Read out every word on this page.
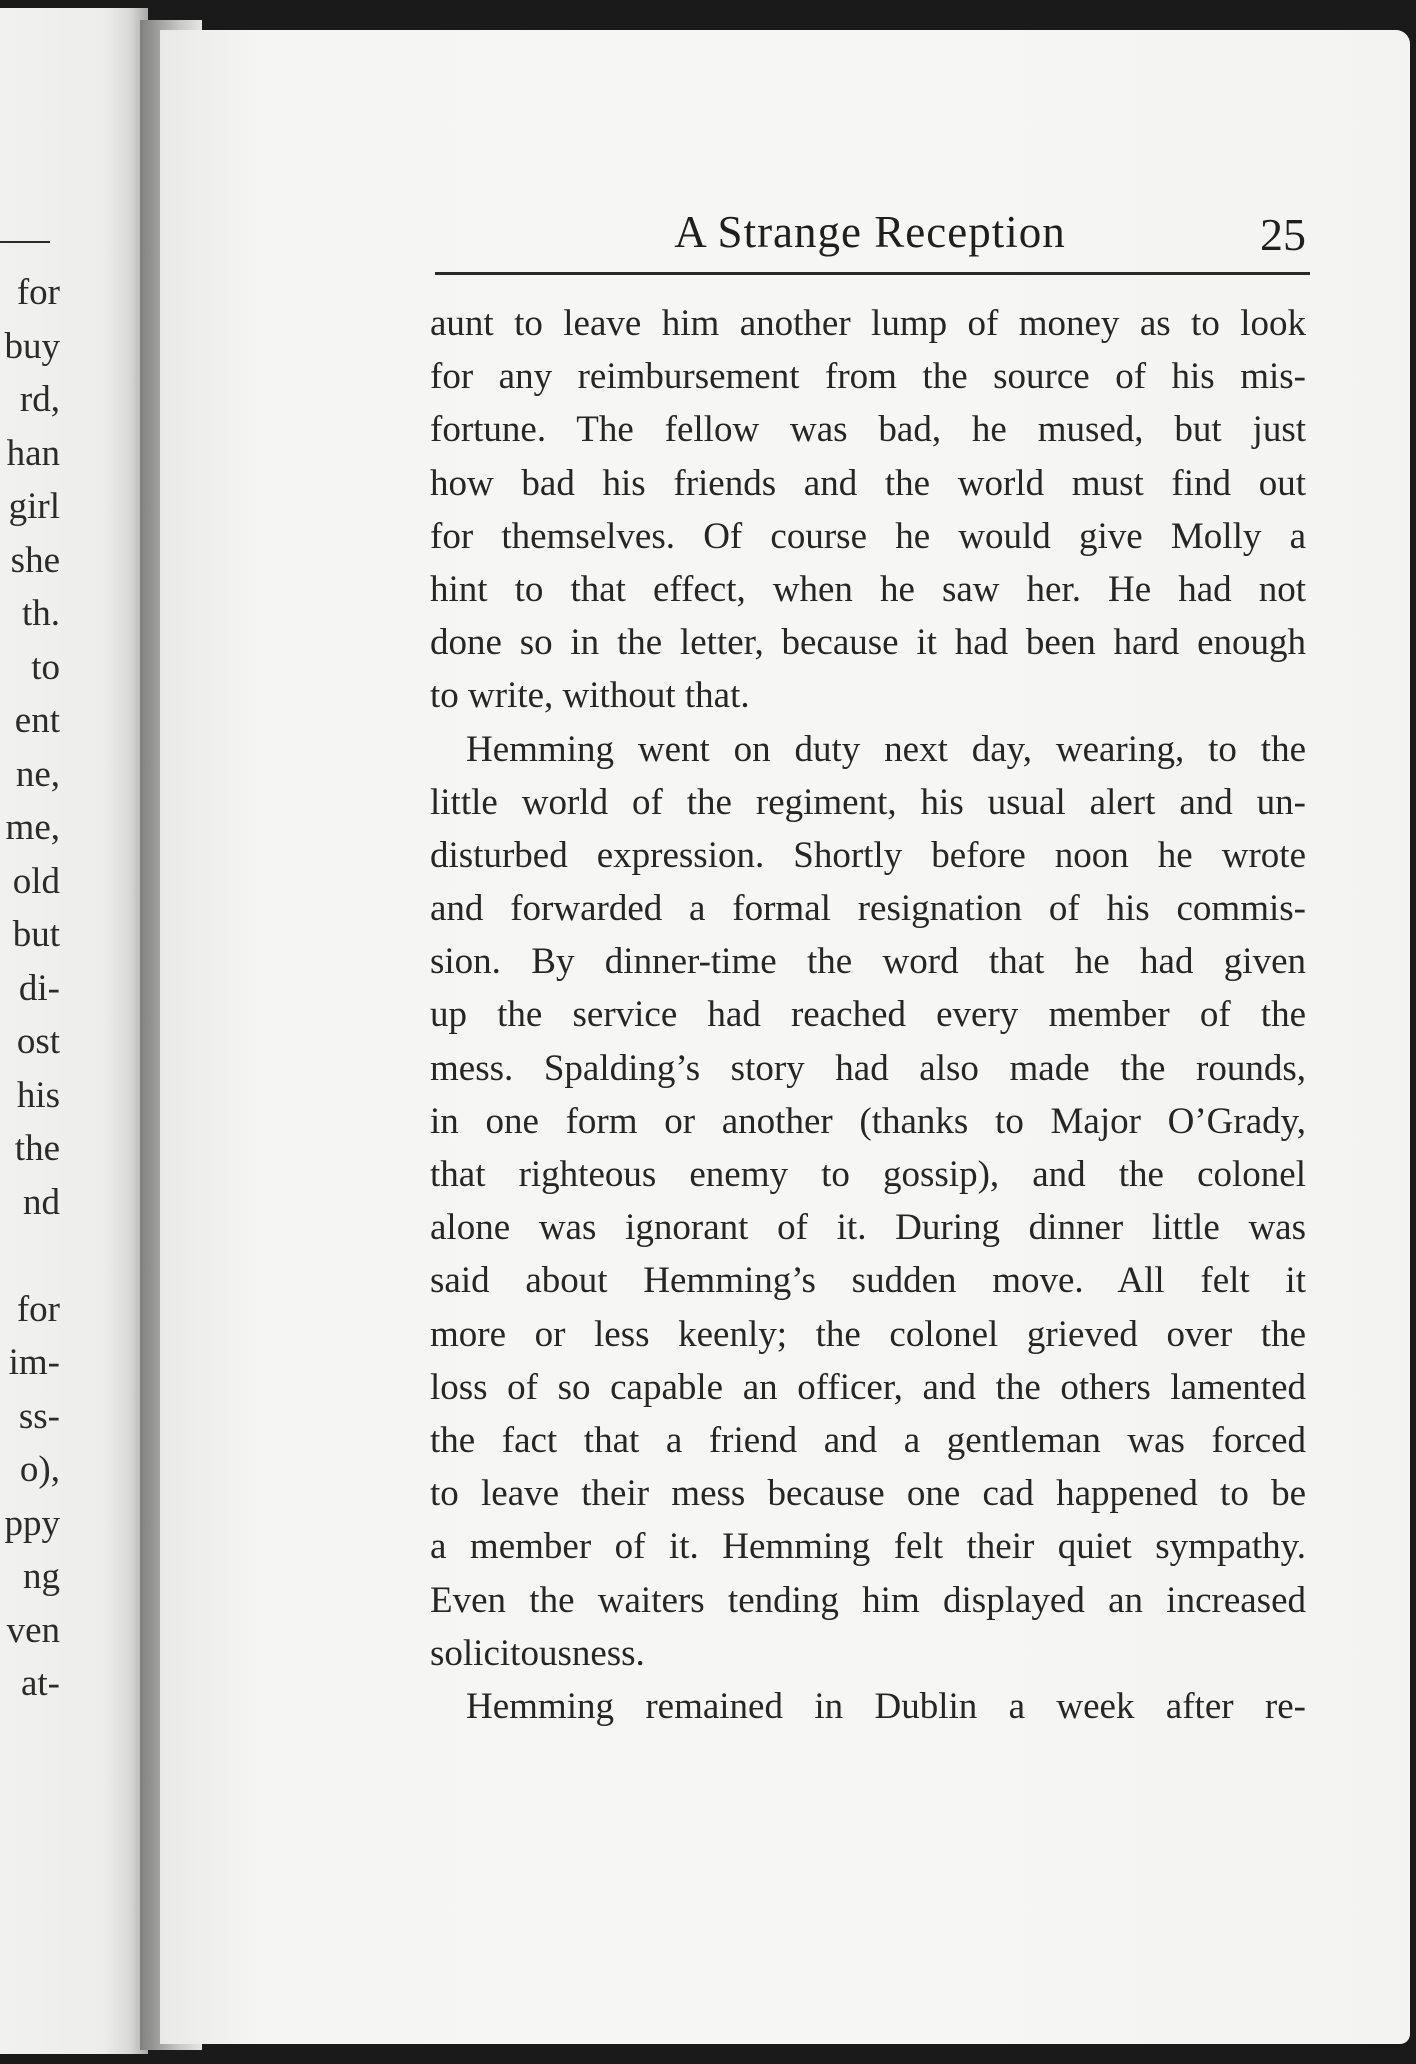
for
buy
rd,
han
girl
she
th.
to
ent
ne,
me,
old
but
di-
ost
his
the
nd
for
im-
ss-
o),
ppy
ng
ven
at-
A Strange Reception	25
aunt to leave him another lump of money as to look
for any reimbursement from the source of his mis-
fortune. The fellow was bad, he mused, but just
how bad his friends and the world must find out
for themselves. Of course he would give Molly a
hint to that effect, when he saw her. He had not
done so in the letter, because it had been hard enough
to write, without that.
Hemming went on duty next day, wearing, to the
little world of the regiment, his usual alert and un-
disturbed expression. Shortly before noon he wrote
and forwarded a formal resignation of his commis-
sion. By dinner-time the word that he had given
up the service had reached every member of the
mess. Spalding’s story had also made the rounds,
in one form or another (thanks to Major O’Grady,
that righteous enemy to gossip), and the colonel
alone was ignorant of it. During dinner little was
said about Hemming’s sudden move. All felt it
more or less keenly; the colonel grieved over the
loss of so capable an officer, and the others lamented
the fact that a friend and a gentleman was forced
to leave their mess because one cad happened to be
a member of it. Hemming felt their quiet sympathy.
Even the waiters tending him displayed an increased
solicitousness.
Hemming remained in Dublin a week after re-
